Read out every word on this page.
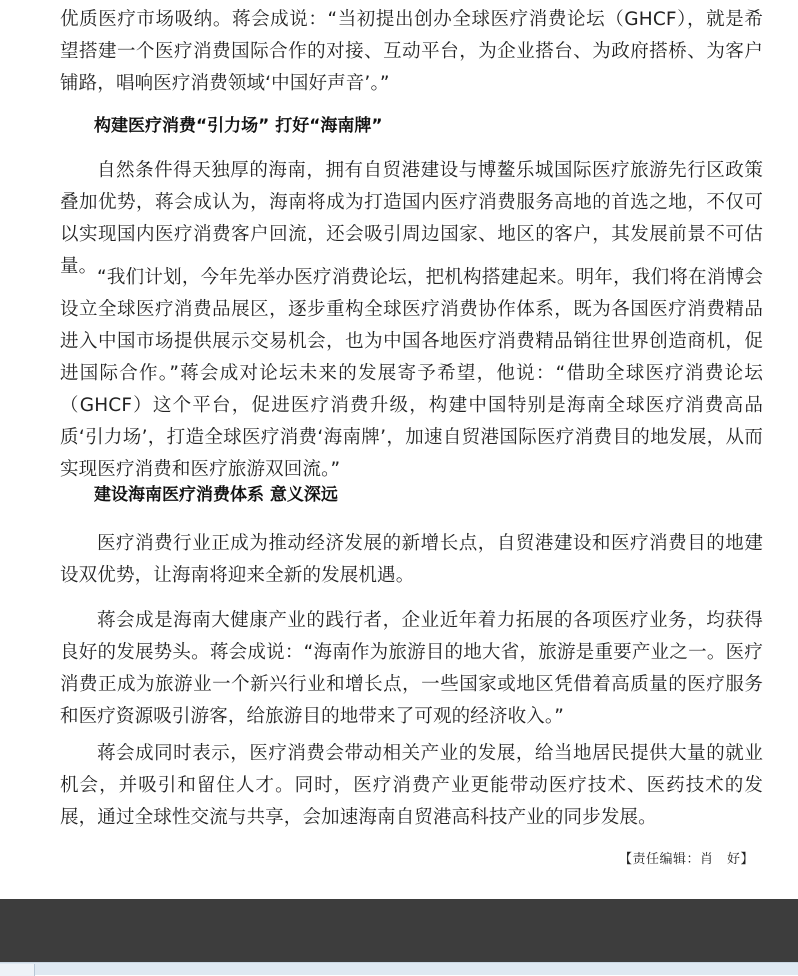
优质医疗市场吸纳。蒋会成说：“当初提出创办全球医疗消费论坛（GHCF），就是希望搭建一个医疗消费国际合作的对接、互动平台，为企业搭台、为政府搭桥、为客户铺路，唱响医疗消费领域‘中国好声音’。”

构建医疗消费“引力场” 打好“海南牌”

自然条件得天独厚的海南，拥有自贸港建设与博鳌乐城国际医疗旅游先行区政策叠加优势，蒋会成认为，海南将成为打造国内医疗消费服务高地的首选之地，不仅可以实现国内医疗消费客户回流，还会吸引周边国家、地区的客户，其发展前景不可估量。

“我们计划，今年先举办医疗消费论坛，把机构搭建起来。明年，我们将在消博会设立全球医疗消费品展区，逐步重构全球医疗消费协作体系，既为各国医疗消费精品进入中国市场提供展示交易机会，也为中国各地医疗消费精品销往世界创造商机，促进国际合作。”蒋会成对论坛未来的发展寄予希望，他说：“借助全球医疗消费论坛（GHCF）这个平台，促进医疗消费升级，构建中国特别是海南全球医疗消费高品质‘引力场’，打造全球医疗消费‘海南牌’，加速自贸港国际医疗消费目的地发展，从而实现医疗消费和医疗旅游双回流。”

建设海南医疗消费体系 意义深远

医疗消费行业正成为推动经济发展的新增长点，自贸港建设和医疗消费目的地建设双优势，让海南将迎来全新的发展机遇。

蒋会成是海南大健康产业的践行者，企业近年着力拓展的各项医疗业务，均获得良好的发展势头。蒋会成说：“海南作为旅游目的地大省，旅游是重要产业之一。医疗消费正成为旅游业一个新兴行业和增长点，一些国家或地区凭借着高质量的医疗服务和医疗资源吸引游客，给旅游目的地带来了可观的经济收入。”

蒋会成同时表示，医疗消费会带动相关产业的发展，给当地居民提供大量的就业机会，并吸引和留住人才。同时，医疗消费产业更能带动医疗技术、医药技术的发展，通过全球性交流与共享，会加速海南自贸港高科技产业的同步发展。

【责任编辑：肖　好】
